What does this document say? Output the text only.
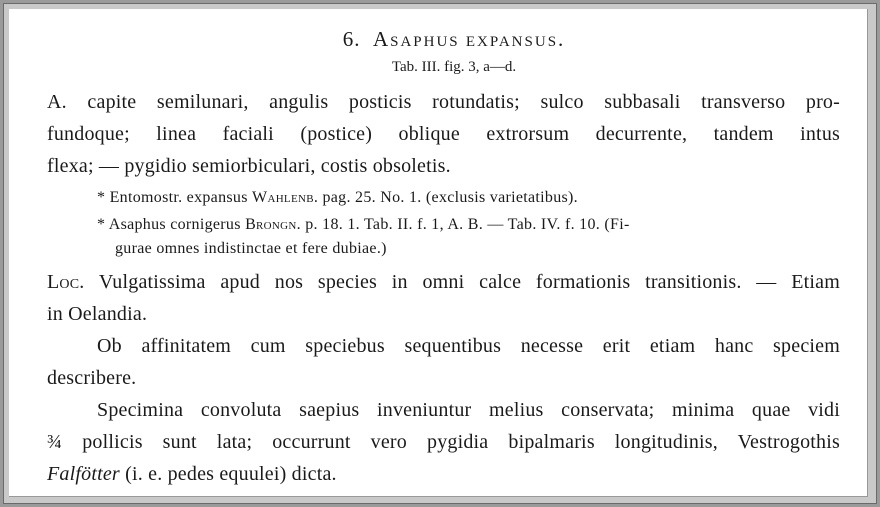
6. Asaphus expansus.
Tab. III. fig. 3, a—d.
A. capite semilunari, angulis posticis rotundatis; sulco subbasali transverso pro-
fundoque; linea faciali (postice) oblique extrorsum decurrente, tandem intus
flexa; — pygidio semiorbiculari, costis obsoletis.
* Entomostr. expansus Wahlenb. pag. 25. No. 1. (exclusis varietatibus).
* Asaphus cornigerus Brongn. p. 18. 1. Tab. II. f. 1, A. B. — Tab. IV. f. 10. (Fi-
gurae omnes indistinctae et fere dubiae.)
Loc. Vulgatissima apud nos species in omni calce formationis transitionis. — Etiam
in Oelandia.
Ob affinitatem cum speciebus sequentibus necesse erit etiam hanc speciem
describere.
Specimina convoluta saepius inveniuntur melius conservata; minima quae vidi
¾ pollicis sunt lata; occurrunt vero pygidia bipalmaris longitudinis, Vestrogothis
Falfötter (i. e. pedes equulei) dicta.
